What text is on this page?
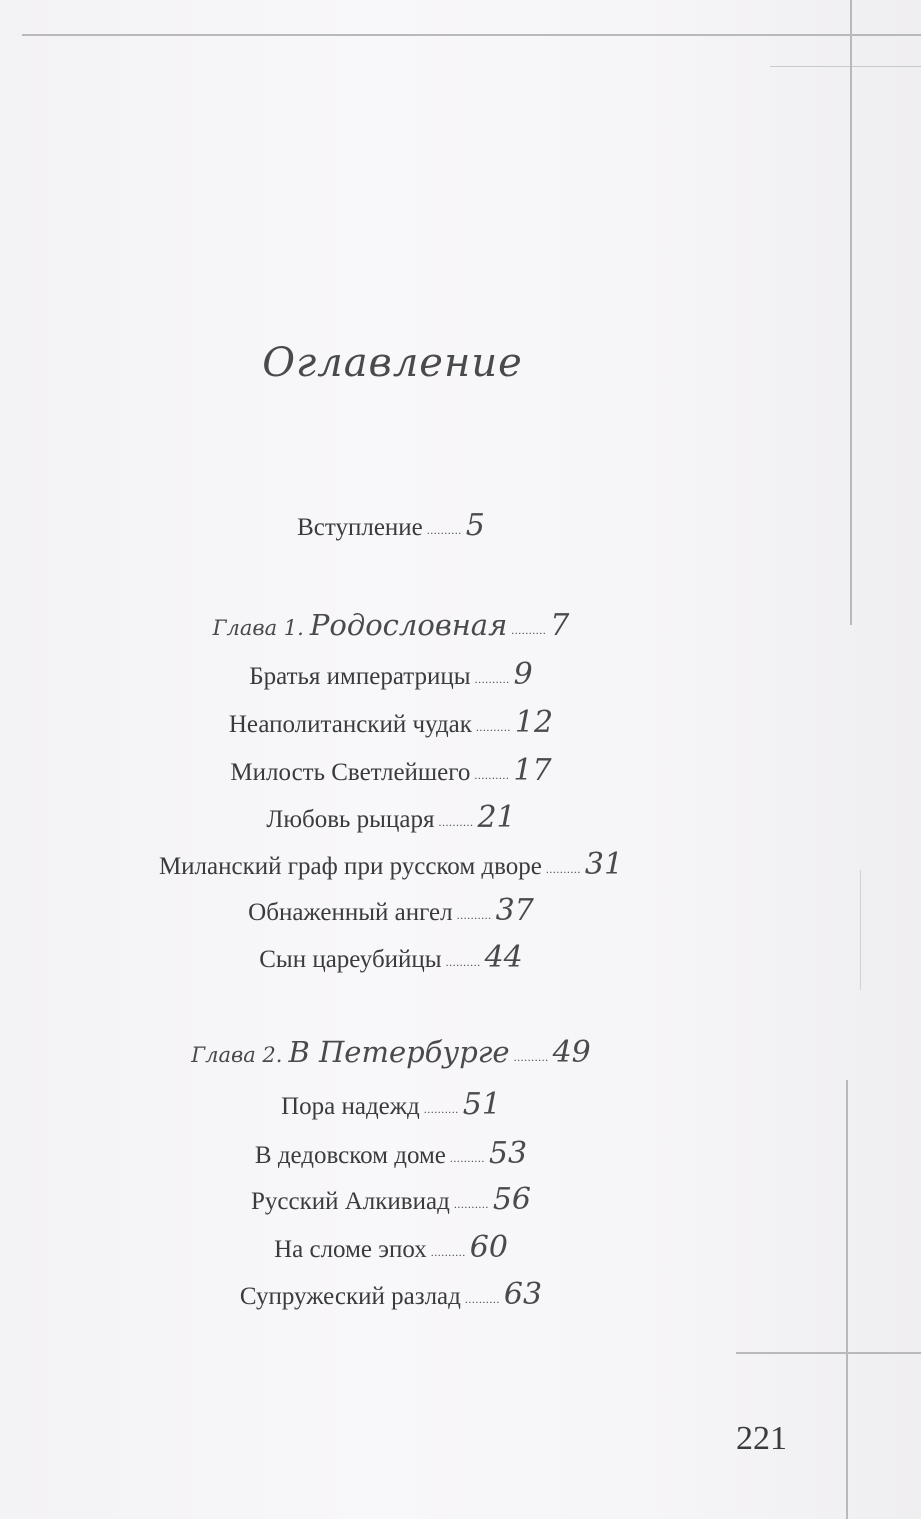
Оглавление
Вступление .......... 5
Глава 1. Родословная .......... 7
Братья императрицы .......... 9
Неаполитанский чудак .......... 12
Милость Светлейшего .......... 17
Любовь рыцаря .......... 21
Миланский граф при русском дворе .......... 31
Обнаженный ангел .......... 37
Сын цареубийцы .......... 44
Глава 2. В Петербурге .......... 49
Пора надежд .......... 51
В дедовском доме .......... 53
Русский Алкивиад .......... 56
На сломе эпох .......... 60
Супружеский разлад .......... 63
221
